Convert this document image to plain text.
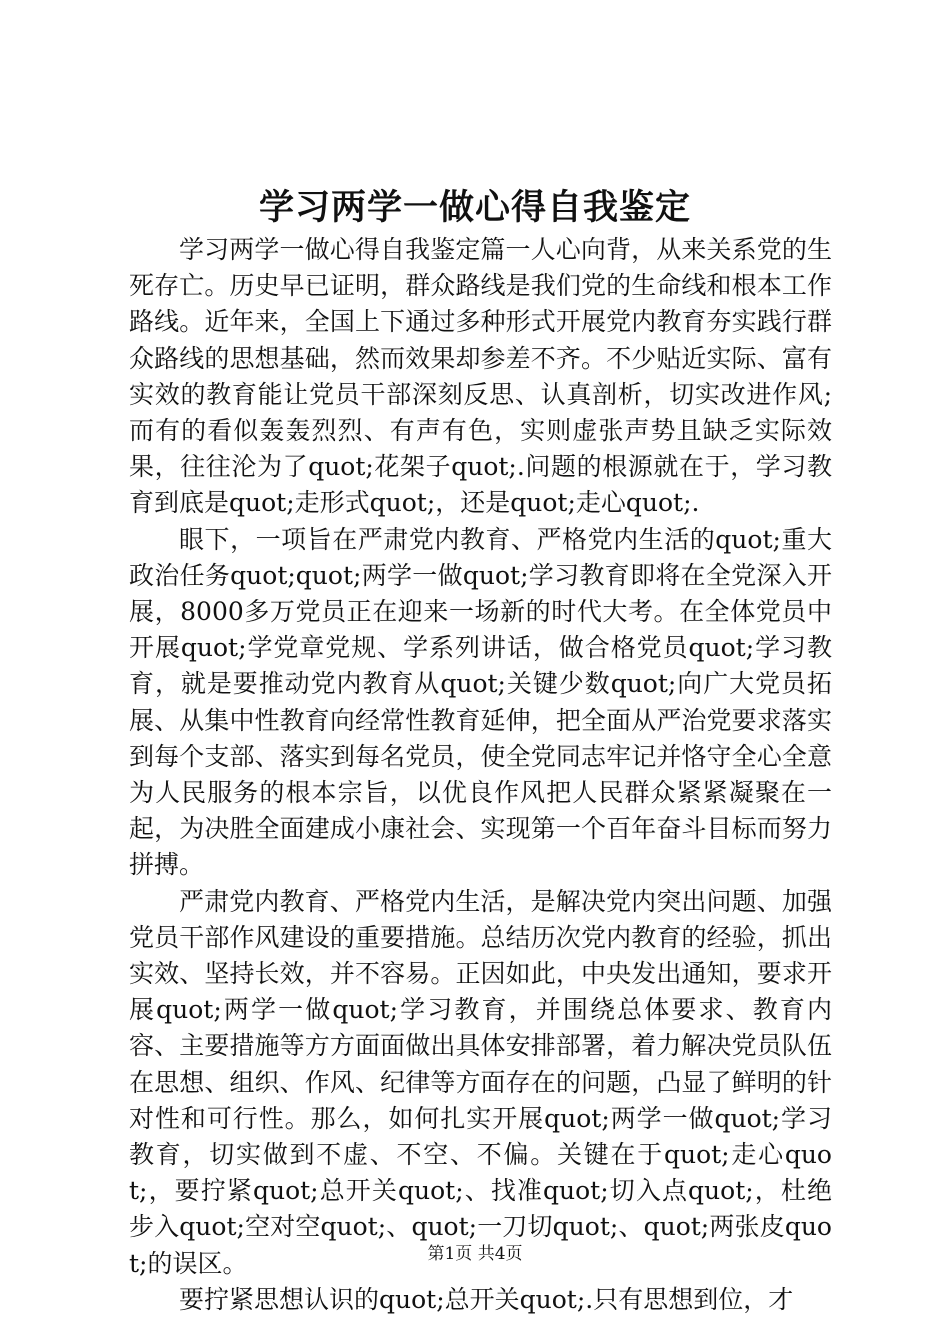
学习两学一做心得自我鉴定

学习两学一做心得自我鉴定篇一人心向背，从来关系党的生死存亡。历史早已证明，群众路线是我们党的生命线和根本工作路线。近年来，全国上下通过多种形式开展党内教育夯实践行群众路线的思想基础，然而效果却参差不齐。不少贴近实际、富有实效的教育能让党员干部深刻反思、认真剖析，切实改进作风;而有的看似轰轰烈烈、有声有色，实则虚张声势且缺乏实际效果，往往沦为了quot;花架子quot;.问题的根源就在于，学习教育到底是quot;走形式quot;，还是quot;走心quot;.

眼下，一项旨在严肃党内教育、严格党内生活的quot;重大政治任务quot;quot;两学一做quot;学习教育即将在全党深入开展，8000多万党员正在迎来一场新的时代大考。在全体党员中开展quot;学党章党规、学系列讲话，做合格党员quot;学习教育，就是要推动党内教育从quot;关键少数quot;向广大党员拓展、从集中性教育向经常性教育延伸，把全面从严治党要求落实到每个支部、落实到每名党员，使全党同志牢记并恪守全心全意为人民服务的根本宗旨，以优良作风把人民群众紧紧凝聚在一起，为决胜全面建成小康社会、实现第一个百年奋斗目标而努力拼搏。

严肃党内教育、严格党内生活，是解决党内突出问题、加强党员干部作风建设的重要措施。总结历次党内教育的经验，抓出实效、坚持长效，并不容易。正因如此，中央发出通知，要求开展quot;两学一做quot;学习教育，并围绕总体要求、教育内容、主要措施等方方面面做出具体安排部署，着力解决党员队伍在思想、组织、作风、纪律等方面存在的问题，凸显了鲜明的针对性和可行性。那么，如何扎实开展quot;两学一做quot;学习教育，切实做到不虚、不空、不偏。关键在于quot;走心quot;，要拧紧quot;总开关quot;、找准quot;切入点quot;，杜绝步入quot;空对空quot;、quot;一刀切quot;、quot;两张皮quot;的误区。

要拧紧思想认识的quot;总开关quot;.只有思想到位，才

第1页 共4页
